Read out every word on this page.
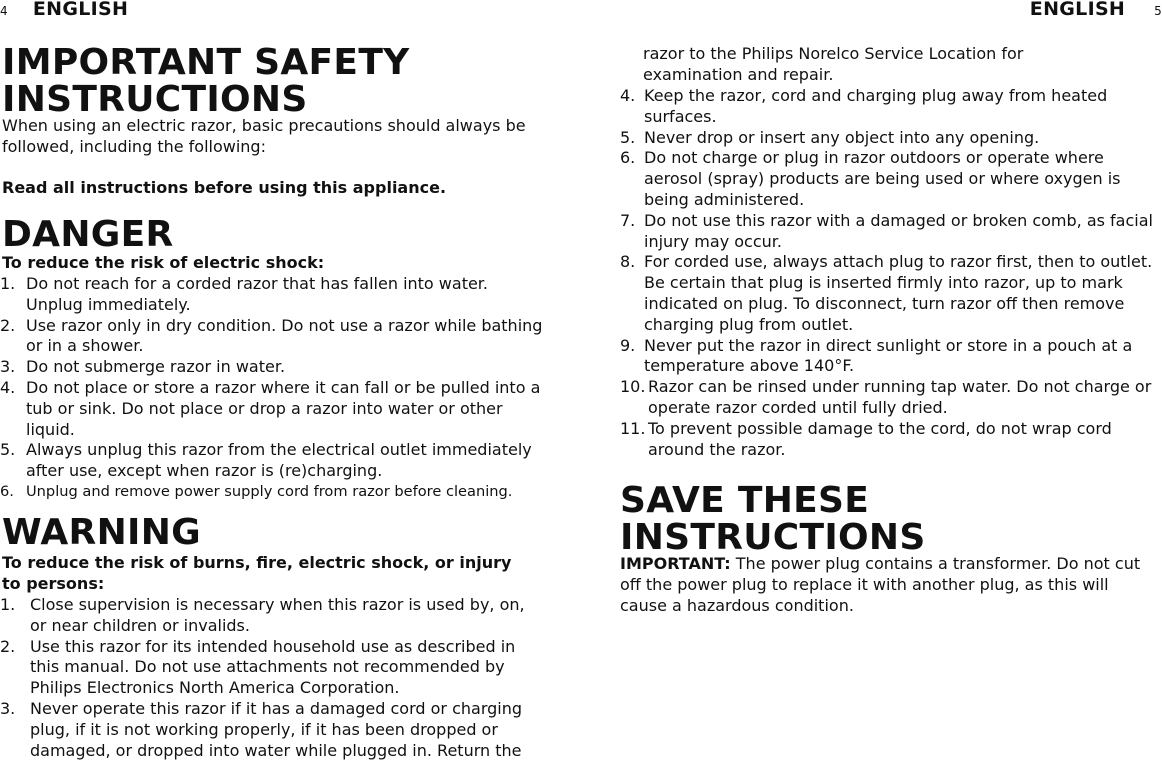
4 ENGLISH

IMPORTANT SAFETY

INSTRUCTIONS

When using an electric razor, basic precautions should always be followed, including the following:

Read all instructions before using this appliance.

DANGER

To reduce the risk of electric shock:

1. Do not reach for a corded razor that has fallen into water. Unplug immediately.
2. Use razor only in dry condition. Do not use a razor while bathing or in a shower.
3. Do not submerge razor in water.
4. Do not place or store a razor where it can fall or be pulled into a tub or sink. Do not place or drop a razor into water or other liquid.
5. Always unplug this razor from the electrical outlet immediately after use, except when razor is (re)charging.
6. Unplug and remove power supply cord from razor before cleaning.

WARNING

To reduce the risk of burns, fire, electric shock, or injury to persons:

1. Close supervision is necessary when this razor is used by, on, or near children or invalids.
2. Use this razor for its intended household use as described in this manual. Do not use attachments not recommended by Philips Electronics North America Corporation.
3. Never operate this razor if it has a damaged cord or charging plug, if it is not working properly, if it has been dropped or damaged, or dropped into water while plugged in. Return the
ENGLISH 5

razor to the Philips Norelco Service Location for examination and repair.

4. Keep the razor, cord and charging plug away from heated surfaces.
5. Never drop or insert any object into any opening.
6. Do not charge or plug in razor outdoors or operate where aerosol (spray) products are being used or where oxygen is being administered.
7. Do not use this razor with a damaged or broken comb, as facial injury may occur.
8. For corded use, always attach plug to razor first, then to outlet. Be certain that plug is inserted firmly into razor, up to mark indicated on plug. To disconnect, turn razor off then remove charging plug from outlet.
9. Never put the razor in direct sunlight or store in a pouch at a temperature above 140°F.
10. Razor can be rinsed under running tap water. Do not charge or operate razor corded until fully dried.
11. To prevent possible damage to the cord, do not wrap cord around the razor.

SAVE THESE

INSTRUCTIONS

IMPORTANT: The power plug contains a transformer. Do not cut off the power plug to replace it with another plug, as this will cause a hazardous condition.
